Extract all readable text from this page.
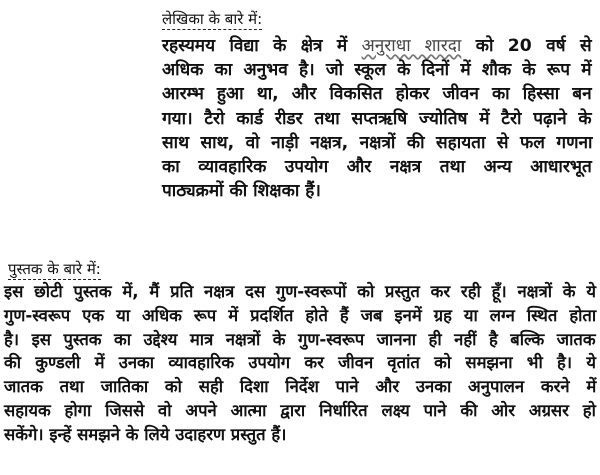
लेखिका के बारे में:
रहस्यमय विद्या के क्षेत्र में अनुराधा शारदा को 20 वर्ष से
अधिक का अनुभव है। जो स्कूल के दिनों में शौक के रूप में
आरम्भ हुआ था, और विकसित होकर जीवन का हिस्सा बन
गया। टैरो कार्ड रीडर तथा सप्तऋषि ज्योतिष में टैरो पढ़ाने के
साथ साथ, वो नाड़ी नक्षत्र, नक्षत्रों की सहायता से फल गणना
का व्यावहारिक उपयोग और नक्षत्र तथा अन्य आधारभूत
पाठ्यक्रमों की शिक्षका हैं।
पुस्तक के बारे में:
इस छोटी पुस्तक में, मैं प्रति नक्षत्र दस गुण-स्वरूपों को प्रस्तुत कर रही हूँ। नक्षत्रों के ये
गुण-स्वरूप एक या अधिक रूप में प्रदर्शित होते हैं जब इनमें ग्रह या लग्न स्थित होता
है। इस पुस्तक का उद्देश्य मात्र नक्षत्रों के गुण-स्वरूप जानना ही नहीं है बल्कि जातक
की कुण्डली में उनका व्यावहारिक उपयोग कर जीवन वृतांत को समझना भी है। ये
जातक तथा जातिका को सही दिशा निर्देश पाने और उनका अनुपालन करने में
सहायक होगा जिससे वो अपने आत्मा द्वारा निर्धारित लक्ष्य पाने की ओर अग्रसर हो
सकेंगे। इन्हें समझने के लिये उदाहरण प्रस्तुत हैं।
